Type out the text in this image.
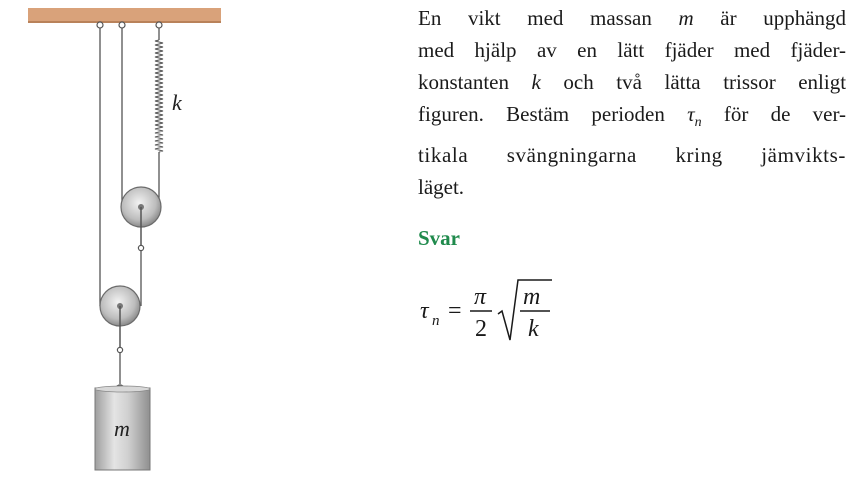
k
m
En vikt med massan m är upphängd
med hjälp av en lätt fjäder med fjäder-
konstanten k och två lätta trissor enligt
figuren. Bestäm perioden $\tau_n$ för de ver-
tikala svängningarna kring jämvikts-
läget.
Svar
τ n =
π
2
m
k
